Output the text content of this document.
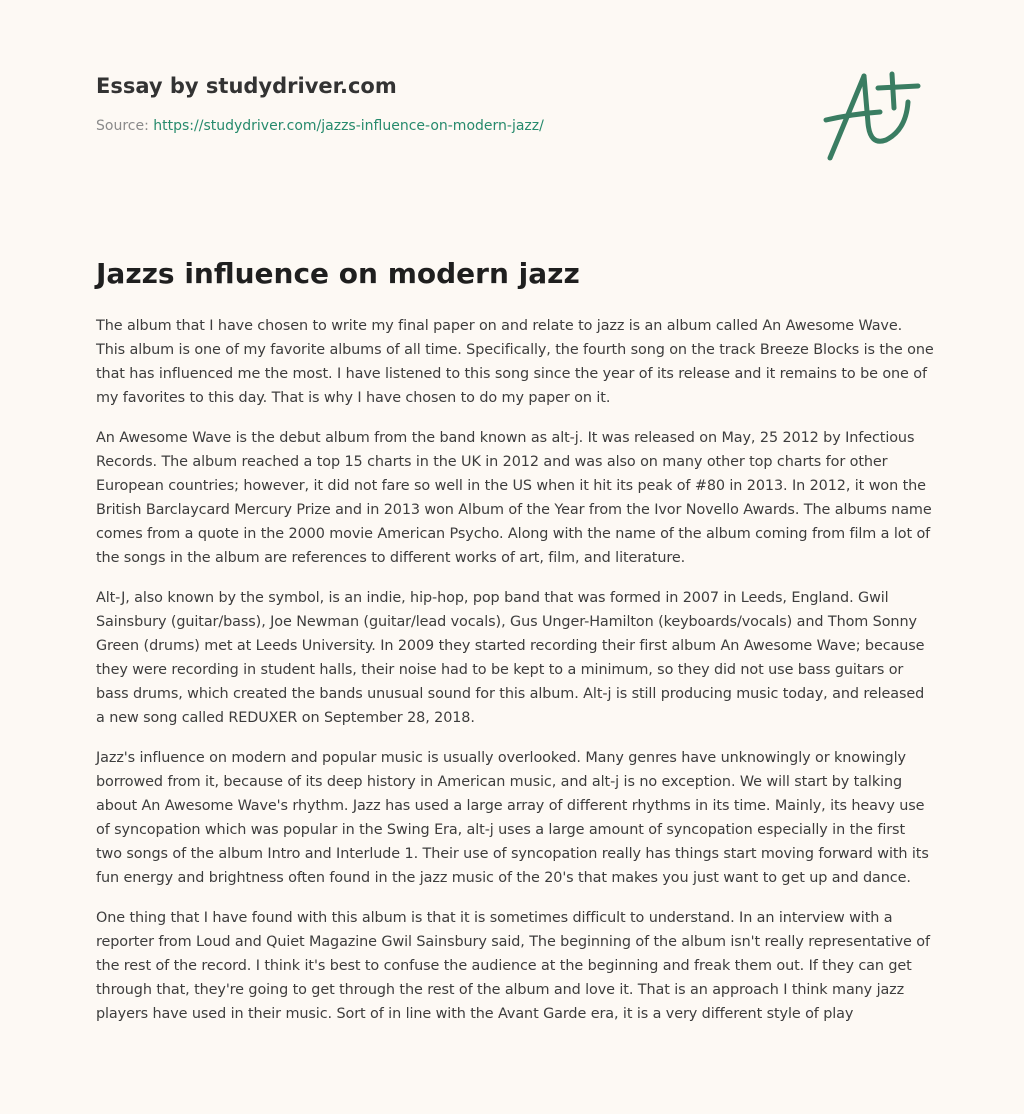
Essay by studydriver.com
Source: https://studydriver.com/jazzs-influence-on-modern-jazz/
Jazzs influence on modern jazz

The album that I have chosen to write my final paper on and relate to jazz is an album called An Awesome Wave. This album is one of my favorite albums of all time. Specifically, the fourth song on the track Breeze Blocks is the one that has influenced me the most. I have listened to this song since the year of its release and it remains to be one of my favorites to this day. That is why I have chosen to do my paper on it.

An Awesome Wave is the debut album from the band known as alt-j. It was released on May, 25 2012 by Infectious Records. The album reached a top 15 charts in the UK in 2012 and was also on many other top charts for other European countries; however, it did not fare so well in the US when it hit its peak of #80 in 2013. In 2012, it won the British Barclaycard Mercury Prize and in 2013 won Album of the Year from the Ivor Novello Awards. The albums name comes from a quote in the 2000 movie American Psycho. Along with the name of the album coming from film a lot of the songs in the album are references to different works of art, film, and literature.

Alt-J, also known by the symbol, is an indie, hip-hop, pop band that was formed in 2007 in Leeds, England. Gwil Sainsbury (guitar/bass), Joe Newman (guitar/lead vocals), Gus Unger-Hamilton (keyboards/vocals) and Thom Sonny Green (drums) met at Leeds University. In 2009 they started recording their first album An Awesome Wave; because they were recording in student halls, their noise had to be kept to a minimum, so they did not use bass guitars or bass drums, which created the bands unusual sound for this album. Alt-j is still producing music today, and released a new song called REDUXER on September 28, 2018.

Jazz's influence on modern and popular music is usually overlooked. Many genres have unknowingly or knowingly borrowed from it, because of its deep history in American music, and alt-j is no exception. We will start by talking about An Awesome Wave's rhythm. Jazz has used a large array of different rhythms in its time. Mainly, its heavy use of syncopation which was popular in the Swing Era, alt-j uses a large amount of syncopation especially in the first two songs of the album Intro and Interlude 1. Their use of syncopation really has things start moving forward with its fun energy and brightness often found in the jazz music of the 20's that makes you just want to get up and dance.

One thing that I have found with this album is that it is sometimes difficult to understand. In an interview with a reporter from Loud and Quiet Magazine Gwil Sainsbury said, The beginning of the album isn't really representative of the rest of the record. I think it's best to confuse the audience at the beginning and freak them out. If they can get through that, they're going to get through the rest of the album and love it. That is an approach I think many jazz players have used in their music. Sort of in line with the Avant Garde era, it is a very different style of play
